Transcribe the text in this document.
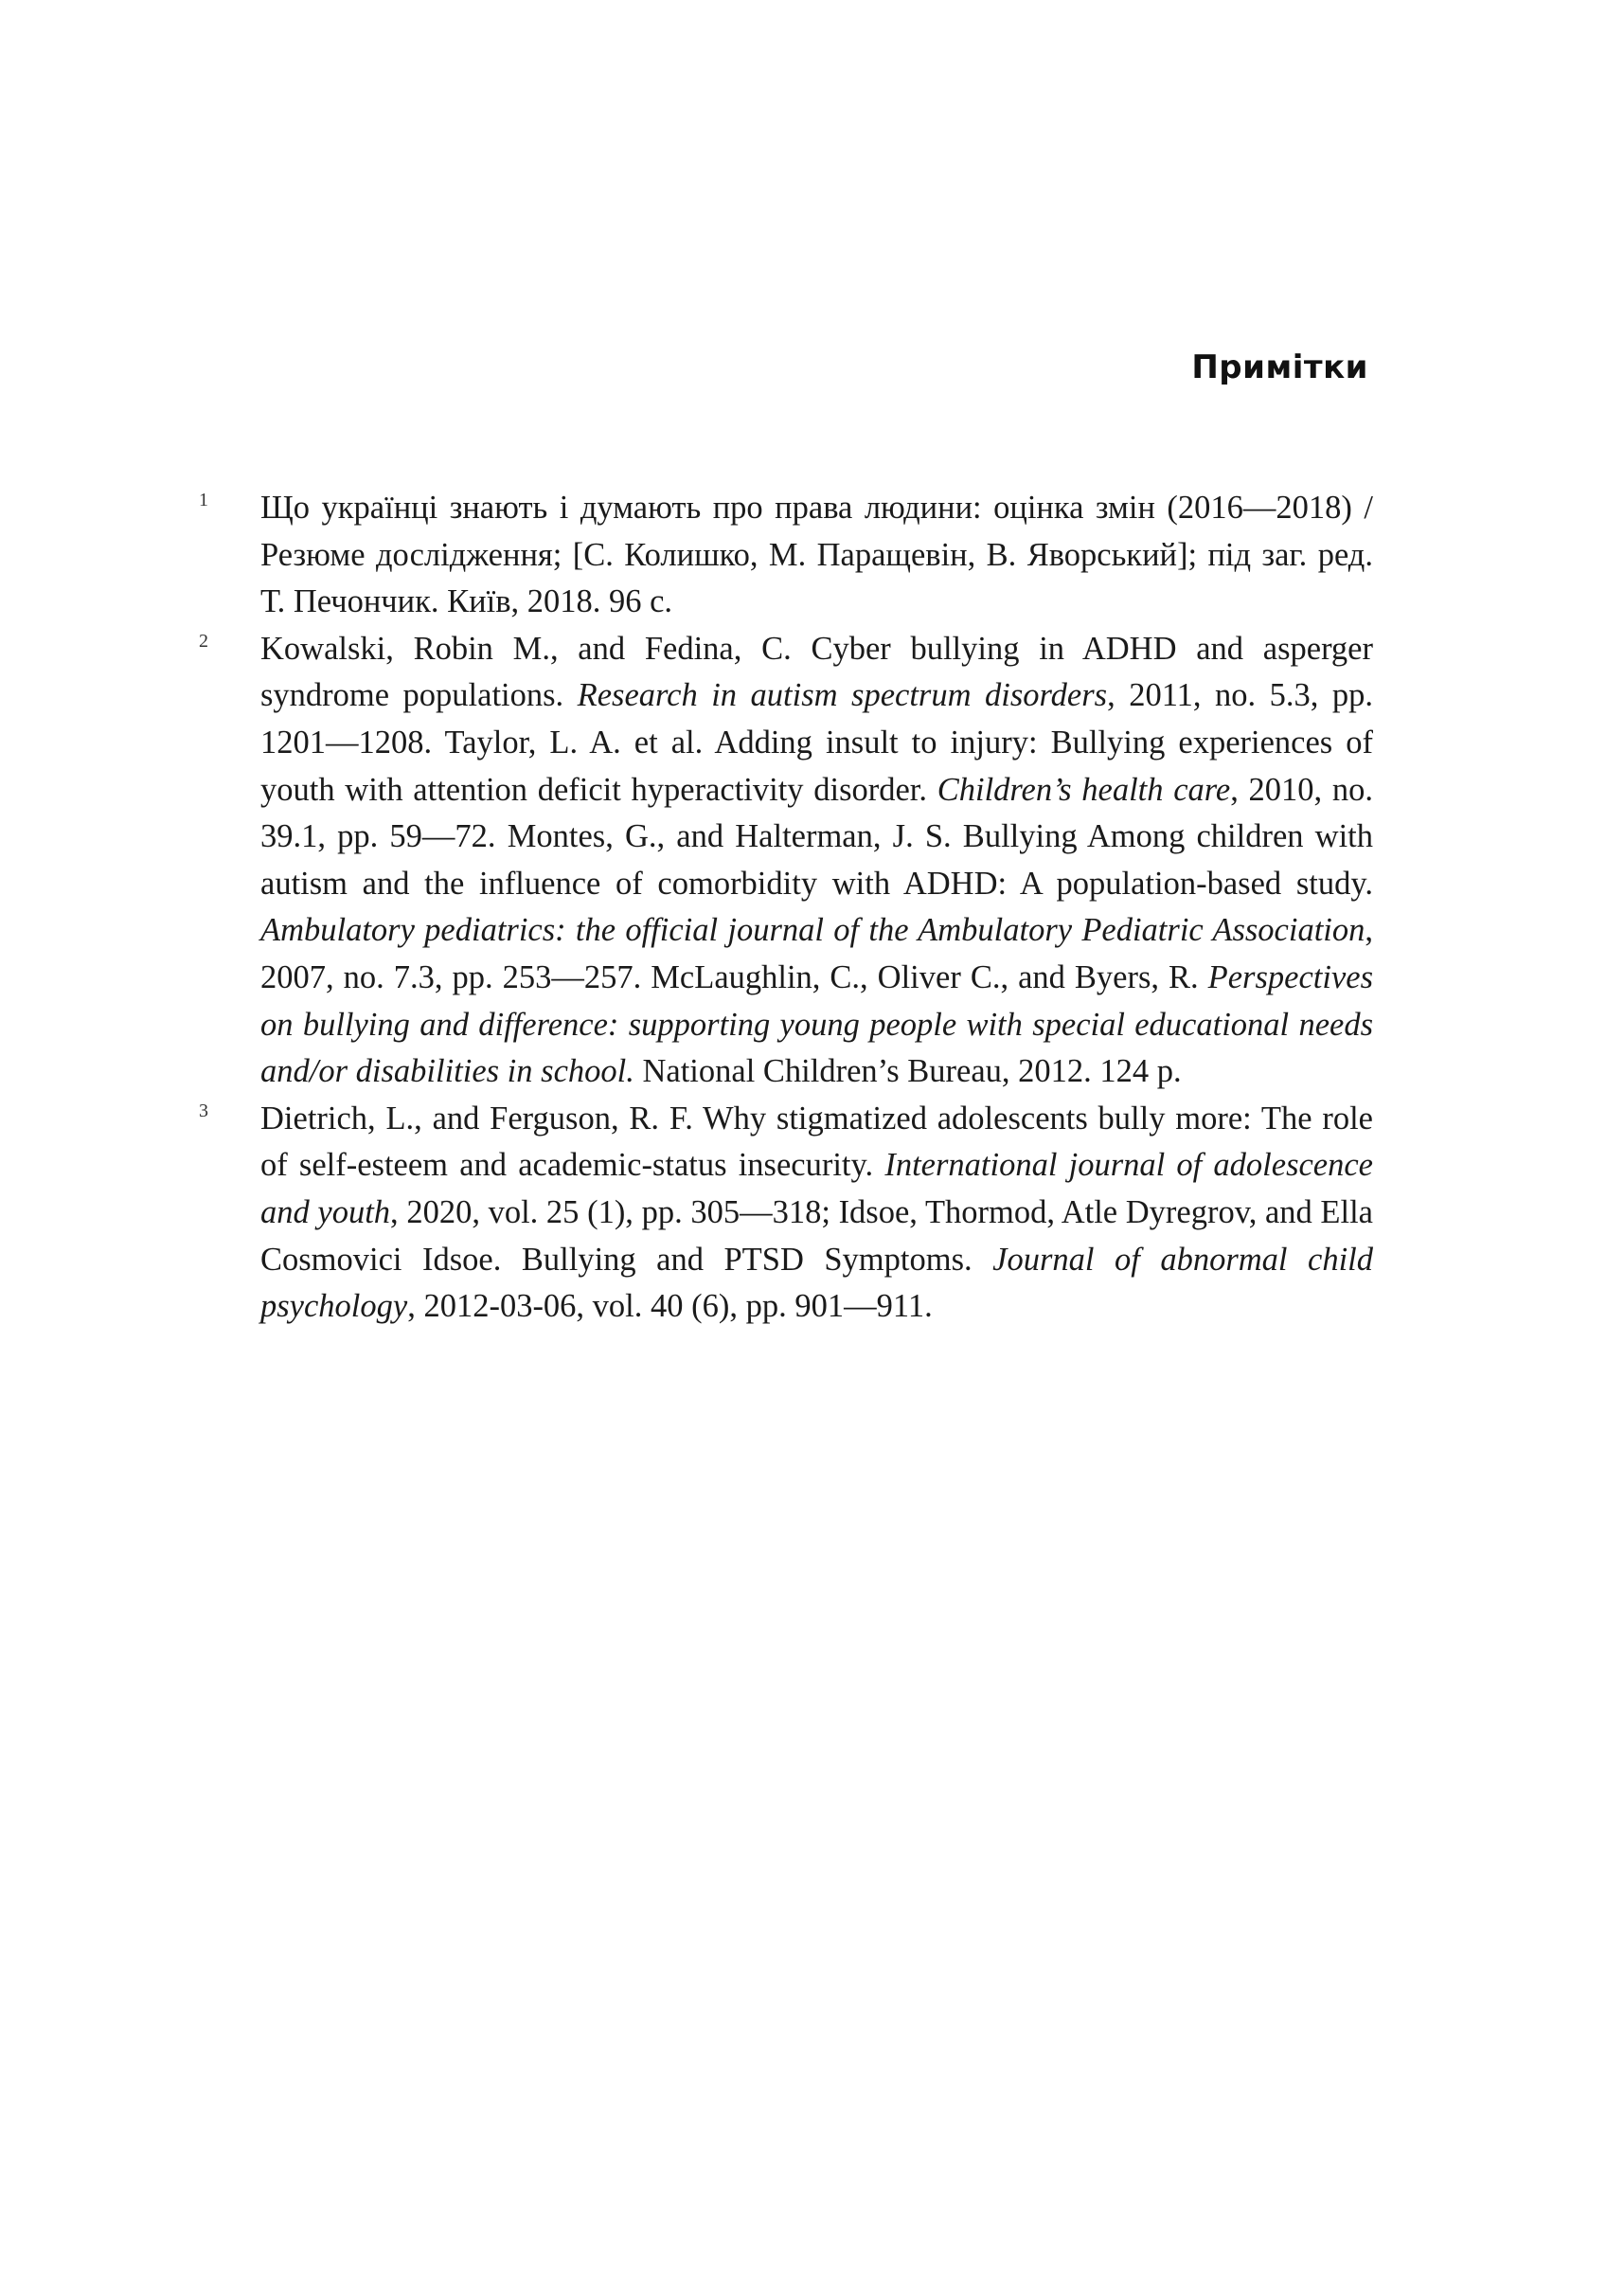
Примітки
1 Що українці знають і думають про права людини: оцінка змін (2016—2018) / Резюме дослідження; [С. Колишко, М. Паращевін, В. Яворський]; під заг. ред. Т. Печончик. Київ, 2018. 96 с.
2 Kowalski, Robin M., and Fedina, C. Cyber bullying in ADHD and asperger syndrome populations. Research in autism spectrum disorders, 2011, no. 5.3, pp. 1201—1208. Taylor, L. A. et al. Adding insult to injury: Bullying experiences of youth with attention deficit hyperactivity disorder. Children’s health care, 2010, no. 39.1, pp. 59—72. Montes, G., and Halterman, J. S. Bullying Among children with autism and the influence of comorbidity with ADHD: A population-based study. Ambulatory pediatrics: the official journal of the Ambulatory Pediatric Association, 2007, no. 7.3, pp. 253—257. McLaughlin, C., Oliver C., and Byers, R. Perspectives on bullying and difference: supporting young people with special educational needs and/or disabilities in school. National Children’s Bureau, 2012. 124 p.
3 Dietrich, L., and Ferguson, R. F. Why stigmatized adolescents bully more: The role of self-esteem and academic-status insecurity. International journal of adolescence and youth, 2020, vol. 25 (1), pp. 305—318; Idsoe, Thormod, Atle Dyregrov, and Ella Cosmovici Idsoe. Bullying and PTSD Symptoms. Journal of abnormal child psychology, 2012-03-06, vol. 40 (6), pp. 901—911.
